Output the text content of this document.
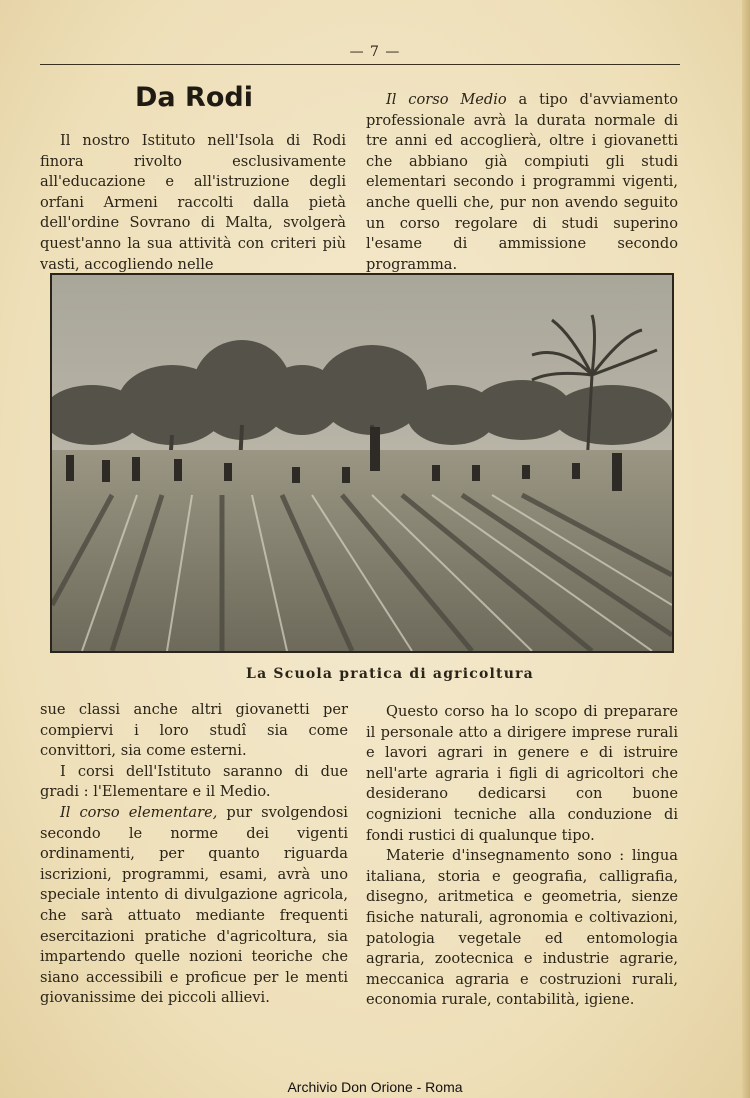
— 7 —
Da Rodi

Il nostro Istituto nell'Isola di Rodi finora rivolto esclusivamente all'educazione e all'istruzione degli orfani Armeni raccolti dalla pietà dell'ordine Sovrano di Malta, svolgerà quest'anno la sua attività con criteri più vasti, accogliendo nelle

Il corso Medio a tipo d'avviamento professionale avrà la durata normale di tre anni ed accoglierà, oltre i giovanetti che abbiano già compiuti gli studi elementari secondo i programmi vigenti, anche quelli che, pur non avendo seguito un corso regolare di studi superino l'esame di ammissione secondo programma.

La Scuola pratica di agricoltura

sue classi anche altri giovanetti per compiervi i loro studî sia come convittori, sia come esterni.

I corsi dell'Istituto saranno di due gradi : l'Elementare e il Medio.

Il corso elementare, pur svolgendosi secondo le norme dei vigenti ordinamenti, per quanto riguarda iscrizioni, programmi, esami, avrà uno speciale intento di divulgazione agricola, che sarà attuato mediante frequenti esercitazioni pratiche d'agricoltura, sia impartendo quelle nozioni teoriche che siano accessibili e proficue per le menti giovanissime dei piccoli allievi.

Questo corso ha lo scopo di preparare il personale atto a dirigere imprese rurali e lavori agrari in genere e di istruire nell'arte agraria i figli di agricoltori che desiderano dedicarsi con buone cognizioni tecniche alla conduzione di fondi rustici di qualunque tipo.

Materie d'insegnamento sono : lingua italiana, storia e geografia, calligrafia, disegno, aritmetica e geometria, sienze fisiche naturali, agronomia e coltivazioni, patologia vegetale ed entomologia agraria, zootecnica e industrie agrarie, meccanica agraria e costruzioni rurali, economia rurale, contabilità, igiene.

Archivio Don Orione - Roma
